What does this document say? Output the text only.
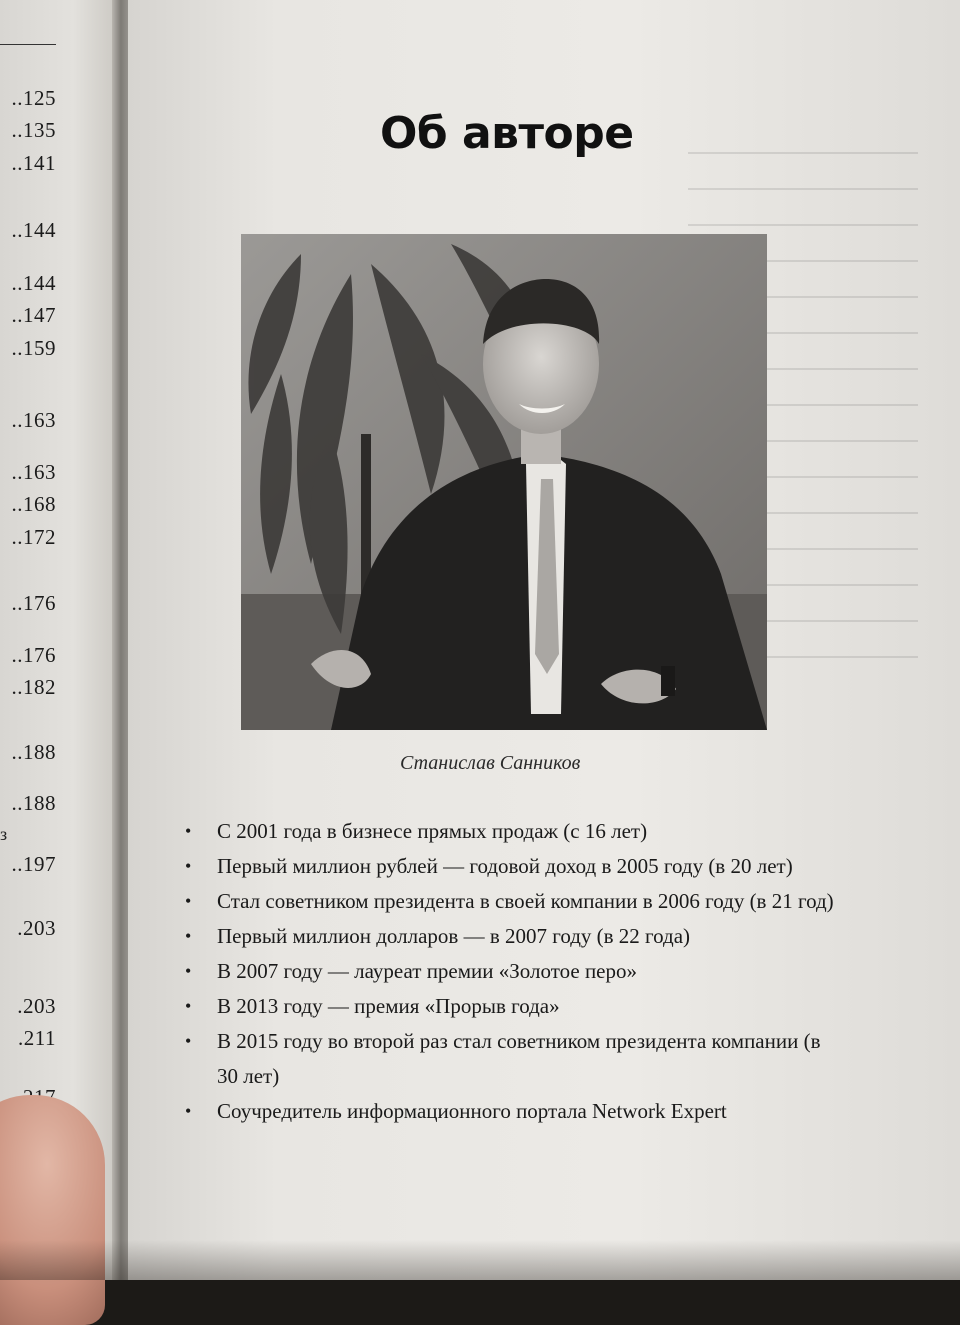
..125
..135
..141
..144
..144
..147
..159
..163
..163
..168
..172
..176
..176
..182
..188
..188
з
..197
.203
.203
.211
Об авторе
Станислав Санников
• С 2001 года в бизнесе прямых продаж (с 16 лет)
• Первый миллион рублей — годовой доход в 2005 году (в 20 лет)
• Стал советником президента в своей компании в 2006 году (в 21 год)
• Первый миллион долларов — в 2007 году (в 22 года)
• В 2007 году — лауреат премии «Золотое перо»
• В 2013 году — премия «Прорыв года»
• В 2015 году во второй раз стал советником президента компании (в 30 лет)
• Соучредитель информационного портала Network Expert
